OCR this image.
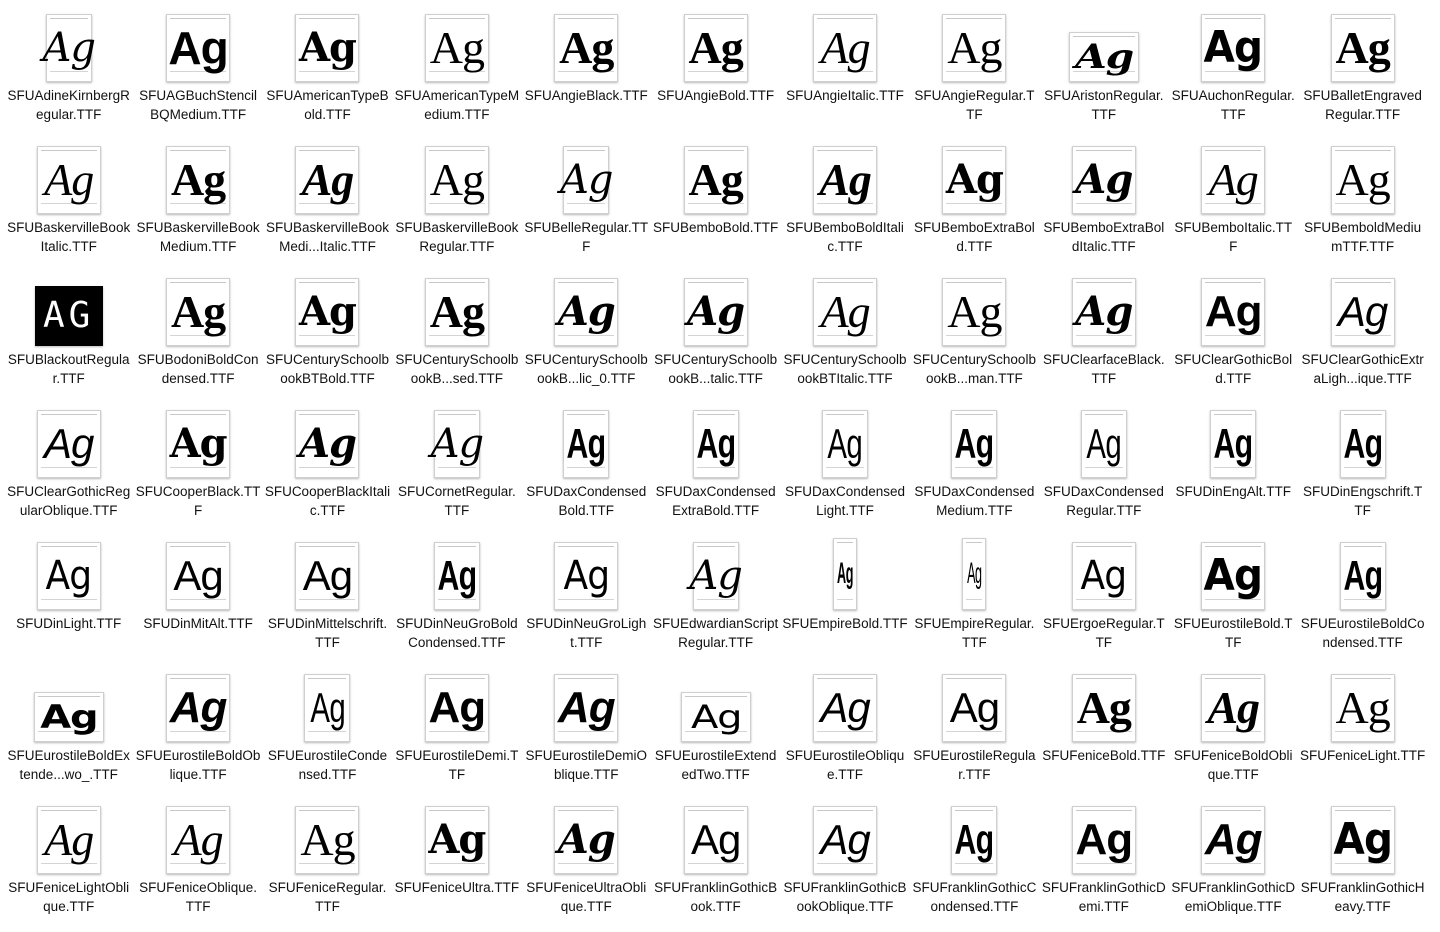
Ag
SFUAdineKirnbergRegular.TTF
Ag
SFUAGBuchStencilBQMedium.TTF
Ag
SFUAmericanTypeBold.TTF
Ag
SFUAmericanTypeMedium.TTF
Ag
SFUAngieBlack.TTF
Ag
SFUAngieBold.TTF
Ag
SFUAngieItalic.TTF
Ag
SFUAngieRegular.TTF
Ag
SFUAristonRegular.TTF
Ag
SFUAuchonRegular.TTF
Ag
SFUBalletEngravedRegular.TTF
Ag
SFUBaskervilleBookItalic.TTF
Ag
SFUBaskervilleBookMedium.TTF
Ag
SFUBaskervilleBookMedi...Italic.TTF
Ag
SFUBaskervilleBookRegular.TTF
Ag
SFUBelleRegular.TTF
Ag
SFUBemboBold.TTF
Ag
SFUBemboBoldItalic.TTF
Ag
SFUBemboExtraBold.TTF
Ag
SFUBemboExtraBoldItalic.TTF
Ag
SFUBemboItalic.TTF
Ag
SFUBemboldMediumTTF.TTF
AG
SFUBlackoutRegular.TTF
Ag
SFUBodoniBoldCondensed.TTF
Ag
SFUCenturySchoolbookBTBold.TTF
Ag
SFUCenturySchoolbookB...sed.TTF
Ag
SFUCenturySchoolbookB...lic_0.TTF
Ag
SFUCenturySchoolbookB...talic.TTF
Ag
SFUCenturySchoolbookBTItalic.TTF
Ag
SFUCenturySchoolbookB...man.TTF
Ag
SFUClearfaceBlack.TTF
Ag
SFUClearGothicBold.TTF
Ag
SFUClearGothicExtraLigh...ique.TTF
Ag
SFUClearGothicRegularOblique.TTF
Ag
SFUCooperBlack.TTF
Ag
SFUCooperBlackItalic.TTF
Ag
SFUCornetRegular.TTF
Ag
SFUDaxCondensedBold.TTF
Ag
SFUDaxCondensedExtraBold.TTF
Ag
SFUDaxCondensedLight.TTF
Ag
SFUDaxCondensedMedium.TTF
Ag
SFUDaxCondensedRegular.TTF
Ag
SFUDinEngAlt.TTF
Ag
SFUDinEngschrift.TTF
Ag
SFUDinLight.TTF
Ag
SFUDinMitAlt.TTF
Ag
SFUDinMittelschrift.TTF
Ag
SFUDinNeuGroBoldCondensed.TTF
Ag
SFUDinNeuGroLight.TTF
Ag
SFUEdwardianScriptRegular.TTF
Ag
SFUEmpireBold.TTF
Ag
SFUEmpireRegular.TTF
Ag
SFUErgoeRegular.TTF
Ag
SFUEurostileBold.TTF
Ag
SFUEurostileBoldCondensed.TTF
Ag
SFUEurostileBoldExtende...wo_.TTF
Ag
SFUEurostileBoldOblique.TTF
Ag
SFUEurostileCondensed.TTF
Ag
SFUEurostileDemi.TTF
Ag
SFUEurostileDemiOblique.TTF
Ag
SFUEurostileExtendedTwo.TTF
Ag
SFUEurostileOblique.TTF
Ag
SFUEurostileRegular.TTF
Ag
SFUFeniceBold.TTF
Ag
SFUFeniceBoldOblique.TTF
Ag
SFUFeniceLight.TTF
Ag
SFUFeniceLightOblique.TTF
Ag
SFUFeniceOblique.TTF
Ag
SFUFeniceRegular.TTF
Ag
SFUFeniceUltra.TTF
Ag
SFUFeniceUltraOblique.TTF
Ag
SFUFranklinGothicBook.TTF
Ag
SFUFranklinGothicBookOblique.TTF
Ag
SFUFranklinGothicCondensed.TTF
Ag
SFUFranklinGothicDemi.TTF
Ag
SFUFranklinGothicDemiOblique.TTF
Ag
SFUFranklinGothicHeavy.TTF
